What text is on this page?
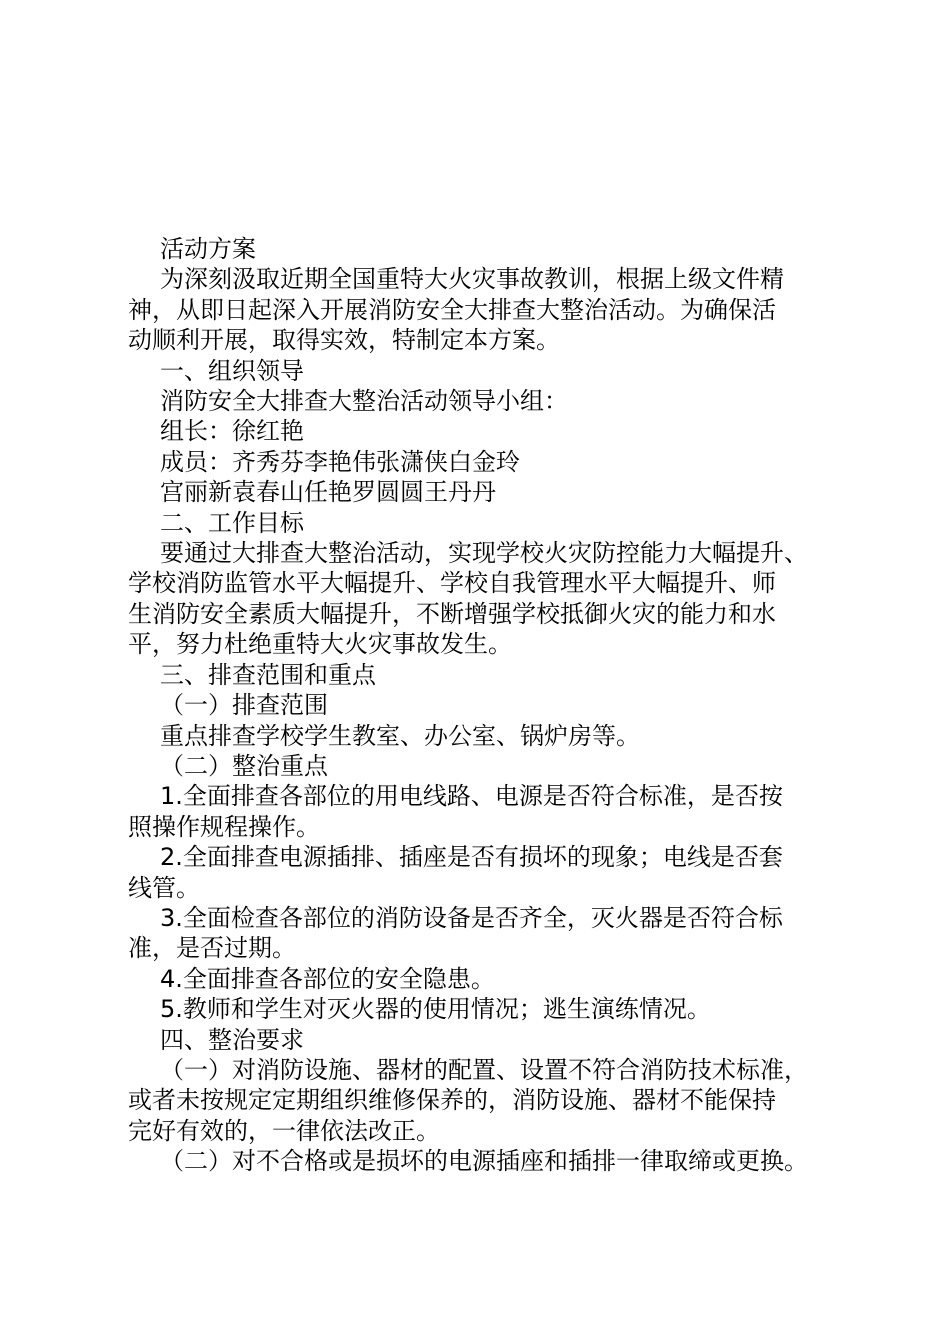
活动方案

为深刻汲取近期全国重特大火灾事故教训，根据上级文件精
神，从即日起深入开展消防安全大排查大整治活动。为确保活
动顺利开展，取得实效，特制定本方案。

一、组织领导

消防安全大排查大整治活动领导小组：

组长：徐红艳

成员：齐秀芬李艳伟张潇侠白金玲

宫丽新袁春山任艳罗圆圆王丹丹

二、工作目标

要通过大排查大整治活动，实现学校火灾防控能力大幅提升、
学校消防监管水平大幅提升、学校自我管理水平大幅提升、师
生消防安全素质大幅提升，不断增强学校抵御火灾的能力和水
平，努力杜绝重特大火灾事故发生。

三、排查范围和重点

（一）排查范围

重点排查学校学生教室、办公室、锅炉房等。

（二）整治重点

1.全面排查各部位的用电线路、电源是否符合标准，是否按
照操作规程操作。

2.全面排查电源插排、插座是否有损坏的现象；电线是否套
线管。

3.全面检查各部位的消防设备是否齐全，灭火器是否符合标
准，是否过期。

4.全面排查各部位的安全隐患。

5.教师和学生对灭火器的使用情况；逃生演练情况。

四、整治要求

（一）对消防设施、器材的配置、设置不符合消防技术标准，
或者未按规定定期组织维修保养的，消防设施、器材不能保持
完好有效的，一律依法改正。

（二）对不合格或是损坏的电源插座和插排一律取缔或更换。
